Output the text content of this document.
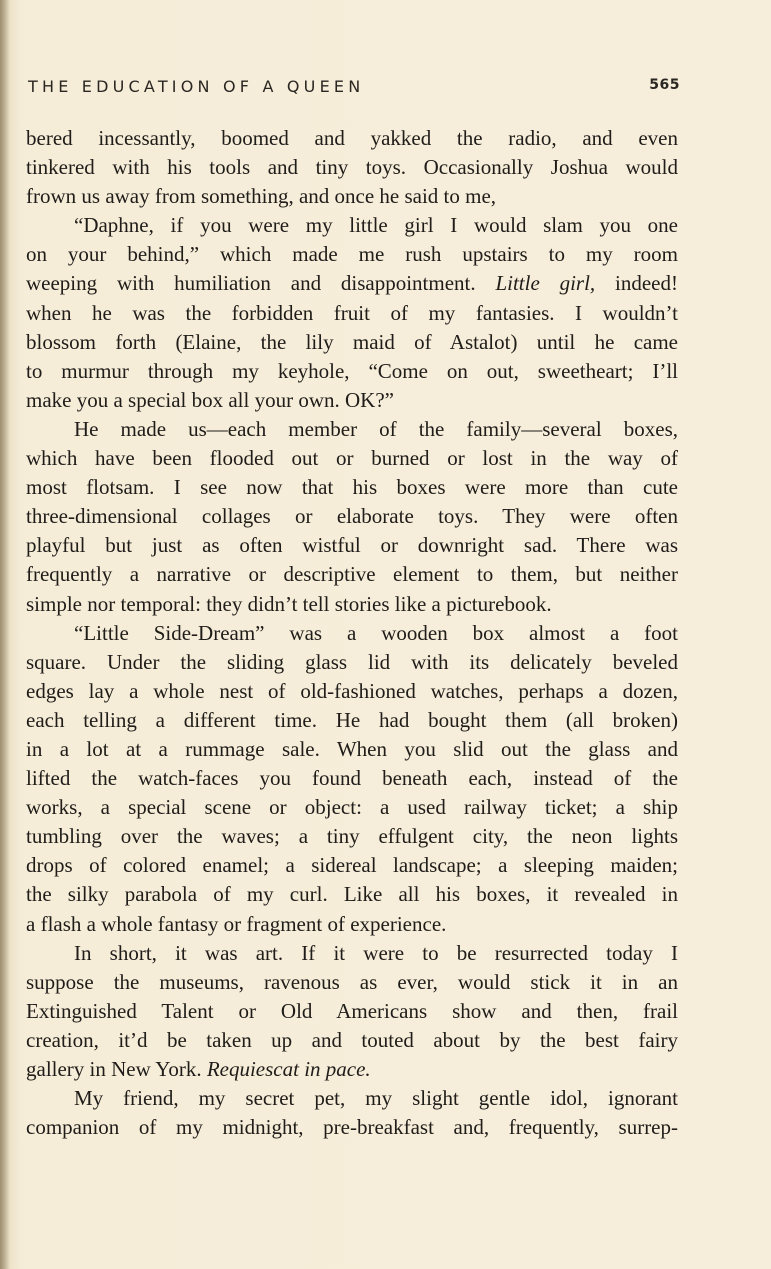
THE EDUCATION OF A QUEEN	565
bered incessantly, boomed and yakked the radio, and even
tinkered with his tools and tiny toys. Occasionally Joshua would
frown us away from something, and once he said to me,
“Daphne, if you were my little girl I would slam you one
on your behind,” which made me rush upstairs to my room
weeping with humiliation and disappointment. Little girl, indeed!
when he was the forbidden fruit of my fantasies. I wouldn’t
blossom forth (Elaine, the lily maid of Astalot) until he came
to murmur through my keyhole, “Come on out, sweetheart; I’ll
make you a special box all your own. OK?”
He made us—each member of the family—several boxes,
which have been flooded out or burned or lost in the way of
most flotsam. I see now that his boxes were more than cute
three-dimensional collages or elaborate toys. They were often
playful but just as often wistful or downright sad. There was
frequently a narrative or descriptive element to them, but neither
simple nor temporal: they didn’t tell stories like a picturebook.
“Little Side-Dream” was a wooden box almost a foot
square. Under the sliding glass lid with its delicately beveled
edges lay a whole nest of old-fashioned watches, perhaps a dozen,
each telling a different time. He had bought them (all broken)
in a lot at a rummage sale. When you slid out the glass and
lifted the watch-faces you found beneath each, instead of the
works, a special scene or object: a used railway ticket; a ship
tumbling over the waves; a tiny effulgent city, the neon lights
drops of colored enamel; a sidereal landscape; a sleeping maiden;
the silky parabola of my curl. Like all his boxes, it revealed in
a flash a whole fantasy or fragment of experience.
In short, it was art. If it were to be resurrected today I
suppose the museums, ravenous as ever, would stick it in an
Extinguished Talent or Old Americans show and then, frail
creation, it’d be taken up and touted about by the best fairy
gallery in New York. Requiescat in pace.
My friend, my secret pet, my slight gentle idol, ignorant
companion of my midnight, pre-breakfast and, frequently, surrep-
